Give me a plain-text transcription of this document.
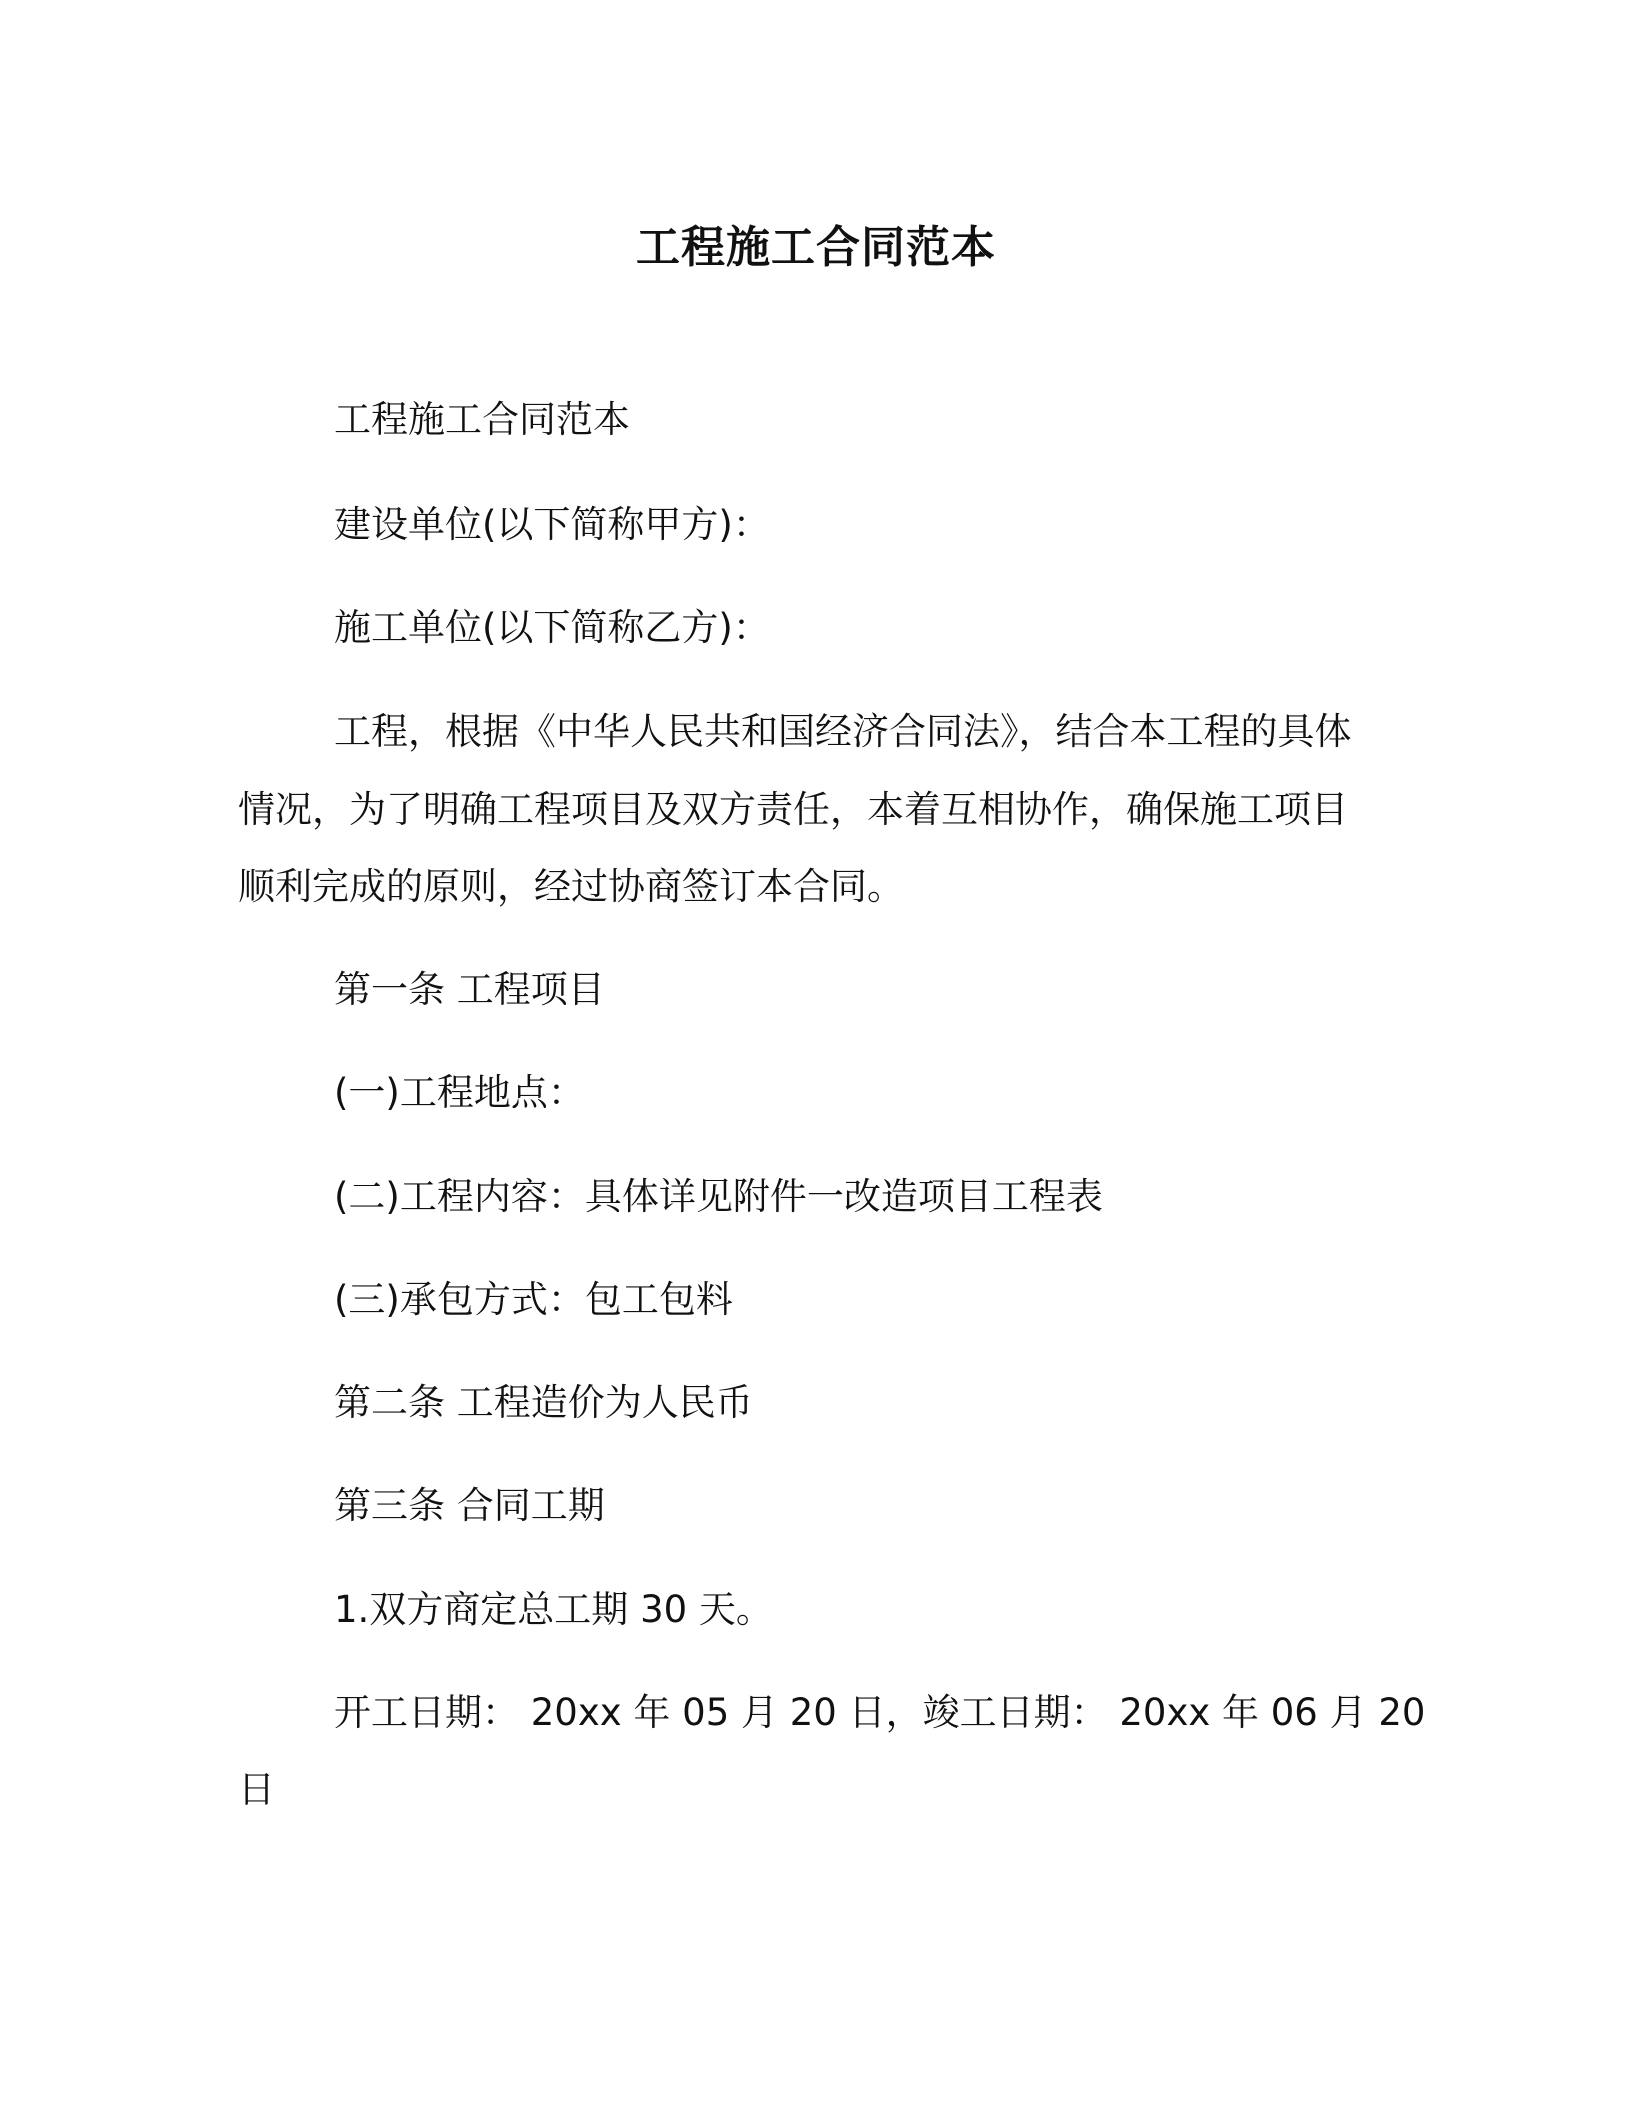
工程施工合同范本

工程施工合同范本

建设单位(以下简称甲方)：

施工单位(以下简称乙方)：

工程，根据《中华人民共和国经济合同法》，结合本工程的具体

情况，为了明确工程项目及双方责任，本着互相协作，确保施工项目

顺利完成的原则，经过协商签订本合同。

第一条 工程项目

(一)工程地点：

(二)工程内容：具体详见附件一改造项目工程表

(三)承包方式：包工包料

第二条 工程造价为人民币

第三条 合同工期

1.双方商定总工期 30 天。

开工日期： 20xx 年 05 月 20 日，竣工日期： 20xx 年 06 月 20

日
